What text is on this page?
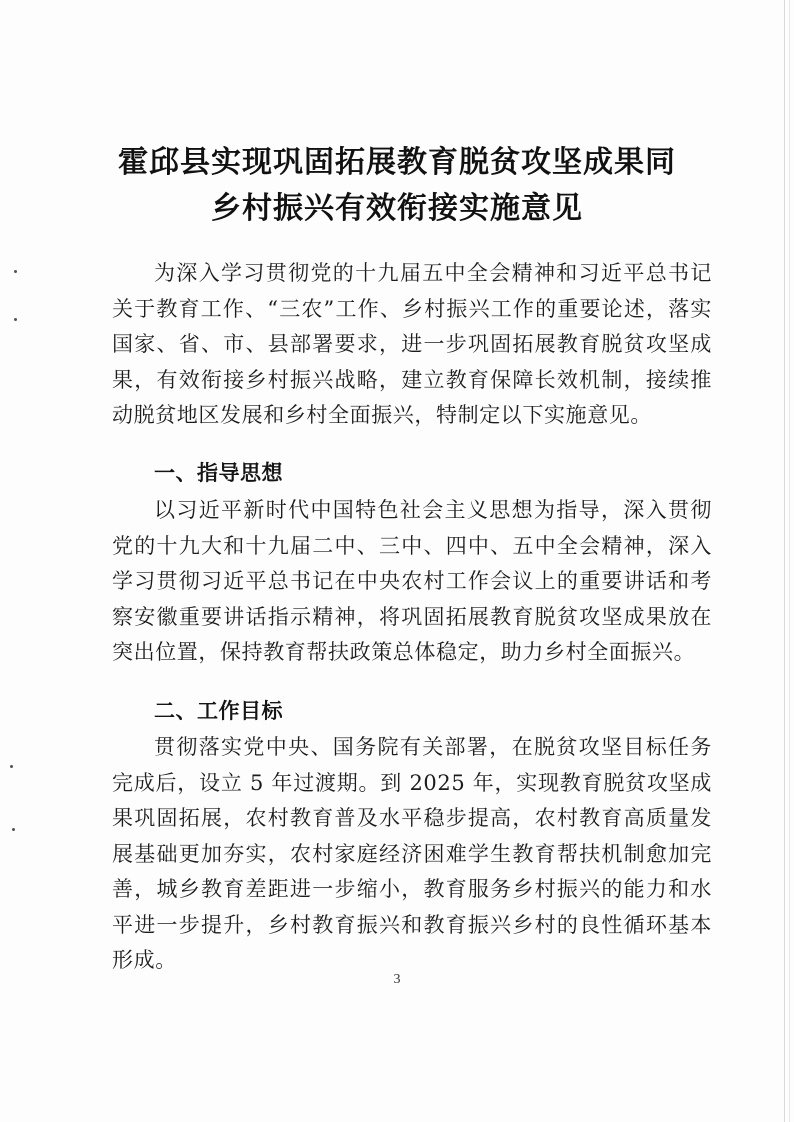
霍邱县实现巩固拓展教育脱贫攻坚成果同
乡村振兴有效衔接实施意见

为深入学习贯彻党的十九届五中全会精神和习近平总书记关于教育工作、“三农”工作、乡村振兴工作的重要论述，落实国家、省、市、县部署要求，进一步巩固拓展教育脱贫攻坚成果，有效衔接乡村振兴战略，建立教育保障长效机制，接续推动脱贫地区发展和乡村全面振兴，特制定以下实施意见。

一、指导思想

以习近平新时代中国特色社会主义思想为指导，深入贯彻党的十九大和十九届二中、三中、四中、五中全会精神，深入学习贯彻习近平总书记在中央农村工作会议上的重要讲话和考察安徽重要讲话指示精神，将巩固拓展教育脱贫攻坚成果放在突出位置，保持教育帮扶政策总体稳定，助力乡村全面振兴。

二、工作目标

贯彻落实党中央、国务院有关部署，在脱贫攻坚目标任务完成后，设立 5 年过渡期。到 2025 年，实现教育脱贫攻坚成果巩固拓展，农村教育普及水平稳步提高，农村教育高质量发展基础更加夯实，农村家庭经济困难学生教育帮扶机制愈加完善，城乡教育差距进一步缩小，教育服务乡村振兴的能力和水平进一步提升，乡村教育振兴和教育振兴乡村的良性循环基本形成。

3
